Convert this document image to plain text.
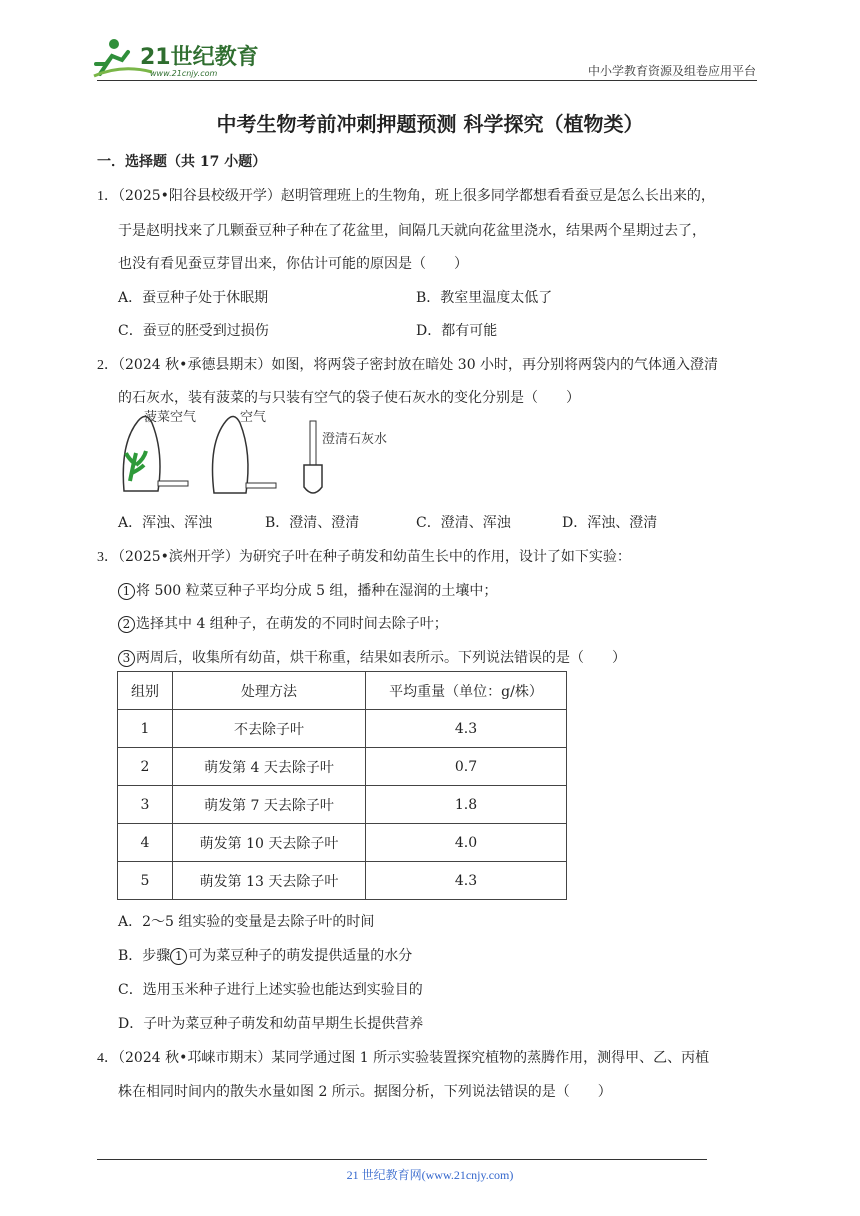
21世纪教育
www.21cnjy.com	中小学教育资源及组卷应用平台
中考生物考前冲刺押题预测 科学探究（植物类）
一．选择题（共 17 小题）
1．（2025•阳谷县校级开学）赵明管理班上的生物角，班上很多同学都想看看蚕豆是怎么长出来的，
于是赵明找来了几颗蚕豆种子种在了花盆里，间隔几天就向花盆里浇水，结果两个星期过去了，
也没有看见蚕豆芽冒出来，你估计可能的原因是（　　）
A．蚕豆种子处于休眠期	B．教室里温度太低了
C．蚕豆的胚受到过损伤	D．都有可能
2．（2024 秋•承德县期末）如图，将两袋子密封放在暗处 30 小时，再分别将两袋内的气体通入澄清
的石灰水，装有菠菜的与只装有空气的袋子使石灰水的变化分别是（　　）
菠菜空气	空气
澄清石灰水
A．浑浊、浑浊	B．澄清、澄清	C．澄清、浑浊	D．浑浊、澄清
3．（2025•滨州开学）为研究子叶在种子萌发和幼苗生长中的作用，设计了如下实验：
1 将 500 粒菜豆种子平均分成 5 组，播种在湿润的土壤中；
2 选择其中 4 组种子，在萌发的不同时间去除子叶；
3 两周后，收集所有幼苗，烘干称重，结果如表所示。下列说法错误的是（　　）
组别	处理方法	平均重量（单位：g/株）
1	不去除子叶	4.3
2	萌发第 4 天去除子叶	0.7
3	萌发第 7 天去除子叶	1.8
4	萌发第 10 天去除子叶	4.0
5	萌发第 13 天去除子叶	4.3
A．2～5 组实验的变量是去除子叶的时间
B．步骤 1 可为菜豆种子的萌发提供适量的水分
C．选用玉米种子进行上述实验也能达到实验目的
D．子叶为菜豆种子萌发和幼苗早期生长提供营养
4．（2024 秋•邛崃市期末）某同学通过图 1 所示实验装置探究植物的蒸腾作用，测得甲、乙、丙植
株在相同时间内的散失水量如图 2 所示。据图分析，下列说法错误的是（　　）
21 世纪教育网(www.21cnjy.com)
